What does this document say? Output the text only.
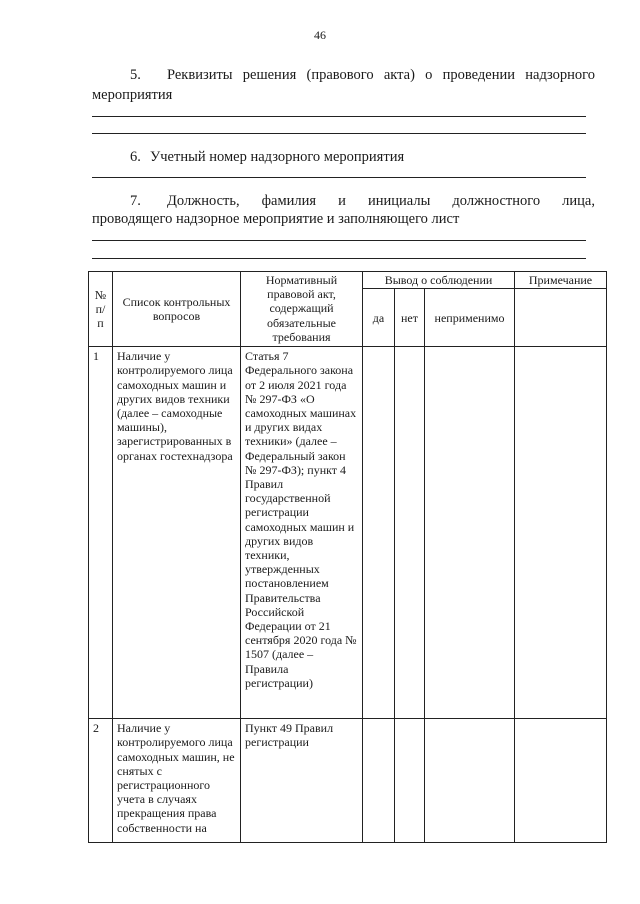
46
5. Реквизиты решения (правового акта) о проведении надзорного
мероприятия
6. Учетный номер надзорного мероприятия
7. Должность, фамилия и инициалы должностного лица,
проводящего надзорное мероприятие и заполняющего лист
№ п/ п	Список контрольных вопросов	Нормативный правовой акт, содержащий обязательные требования	Вывод о соблюдении			Примечание
			да	нет	неприменимо	
1	Наличие у контролируемого лица самоходных машин и других видов техники (далее – самоходные машины), зарегистрированных в органах гостехнадзора	Статья 7 Федерального закона от 2 июля 2021 года № 297-ФЗ «О самоходных машинах и других видах техники» (далее – Федеральный закон № 297-ФЗ); пункт 4 Правил государственной регистрации самоходных машин и других видов техники, утвержденных постановлением Правительства Российской Федерации от 21 сентября 2020 года № 1507 (далее – Правила регистрации)				
2	Наличие у контролируемого лица самоходных машин, не снятых с регистрационного учета в случаях прекращения права собственности на	Пункт 49 Правил регистрации				
